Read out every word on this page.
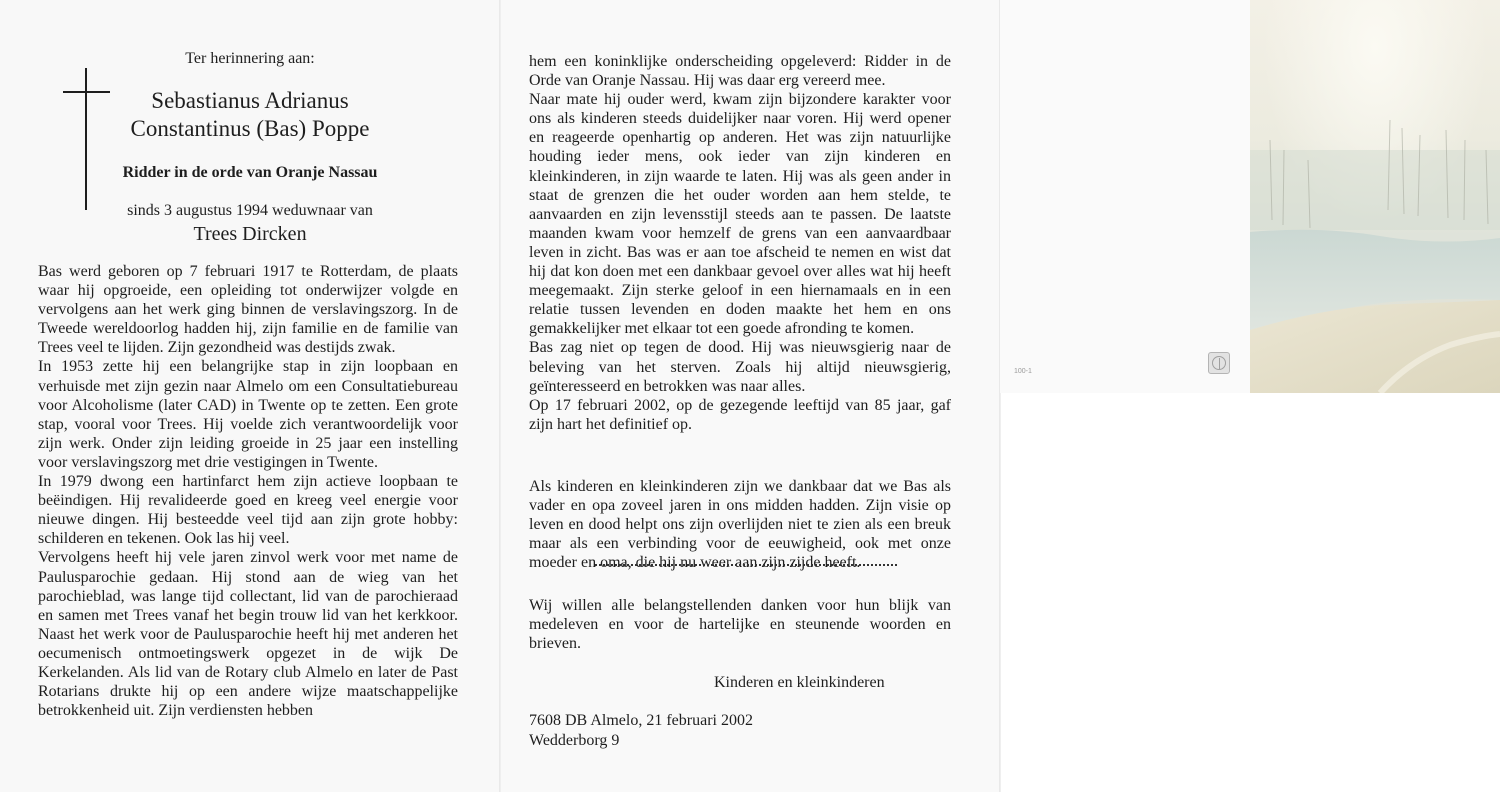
Ter herinnering aan:
Sebastianus Adrianus
Constantinus (Bas) Poppe
Ridder in de orde van Oranje Nassau
sinds 3 augustus 1994 weduwnaar van
Trees Dircken

Bas werd geboren op 7 februari 1917 te Rotterdam, de plaats waar hij opgroeide, een opleiding tot onderwijzer volgde en vervolgens aan het werk ging binnen de verslavingszorg. In de Tweede wereldoorlog hadden hij, zijn familie en de familie van Trees veel te lijden. Zijn gezondheid was destijds zwak.

In 1953 zette hij een belangrijke stap in zijn loopbaan en verhuisde met zijn gezin naar Almelo om een Consultatiebureau voor Alcoholisme (later CAD) in Twente op te zetten. Een grote stap, vooral voor Trees. Hij voelde zich verantwoordelijk voor zijn werk. Onder zijn leiding groeide in 25 jaar een instelling voor verslavingszorg met drie vestigingen in Twente.

In 1979 dwong een hartinfarct hem zijn actieve loopbaan te beëindigen. Hij revalideerde goed en kreeg veel energie voor nieuwe dingen. Hij besteedde veel tijd aan zijn grote hobby: schilderen en tekenen. Ook las hij veel.

Vervolgens heeft hij vele jaren zinvol werk voor met name de Paulusparochie gedaan. Hij stond aan de wieg van het parochieblad, was lange tijd collectant, lid van de parochieraad en samen met Trees vanaf het begin trouw lid van het kerkkoor. Naast het werk voor de Paulusparochie heeft hij met anderen het oecumenisch ontmoetingswerk opgezet in de wijk De Kerkelanden. Als lid van de Rotary club Almelo en later de Past Rotarians drukte hij op een andere wijze maatschappelijke betrokkenheid uit. Zijn verdiensten hebben

hem een koninklijke onderscheiding opgeleverd: Ridder in de Orde van Oranje Nassau. Hij was daar erg vereerd mee.

Naar mate hij ouder werd, kwam zijn bijzondere karakter voor ons als kinderen steeds duidelijker naar voren. Hij werd opener en reageerde openhartig op anderen. Het was zijn natuurlijke houding ieder mens, ook ieder van zijn kinderen en kleinkinderen, in zijn waarde te laten. Hij was als geen ander in staat de grenzen die het ouder worden aan hem stelde, te aanvaarden en zijn levensstijl steeds aan te passen. De laatste maanden kwam voor hemzelf de grens van een aanvaardbaar leven in zicht. Bas was er aan toe afscheid te nemen en wist dat hij dat kon doen met een dankbaar gevoel over alles wat hij heeft meegemaakt. Zijn sterke geloof in een hiernamaals en in een relatie tussen levenden en doden maakte het hem en ons gemakkelijker met elkaar tot een goede afronding te komen.

Bas zag niet op tegen de dood. Hij was nieuwsgierig naar de beleving van het sterven. Zoals hij altijd nieuwsgierig, geïnteresseerd en betrokken was naar alles.

Op 17 februari 2002, op de gezegende leeftijd van 85 jaar, gaf zijn hart het definitief op.

Als kinderen en kleinkinderen zijn we dankbaar dat we Bas als vader en opa zoveel jaren in ons midden hadden. Zijn visie op leven en dood helpt ons zijn overlijden niet te zien als een breuk maar als een verbinding voor de eeuwigheid, ook met onze moeder en oma, die hij nu weer aan zijn zijde heeft.

Wij willen alle belangstellenden danken voor hun blijk van medeleven en voor de hartelijke en steunende woorden en brieven.

Kinderen en kleinkinderen
7608 DB Almelo, 21 februari 2002
Wedderborg 9
100-1
